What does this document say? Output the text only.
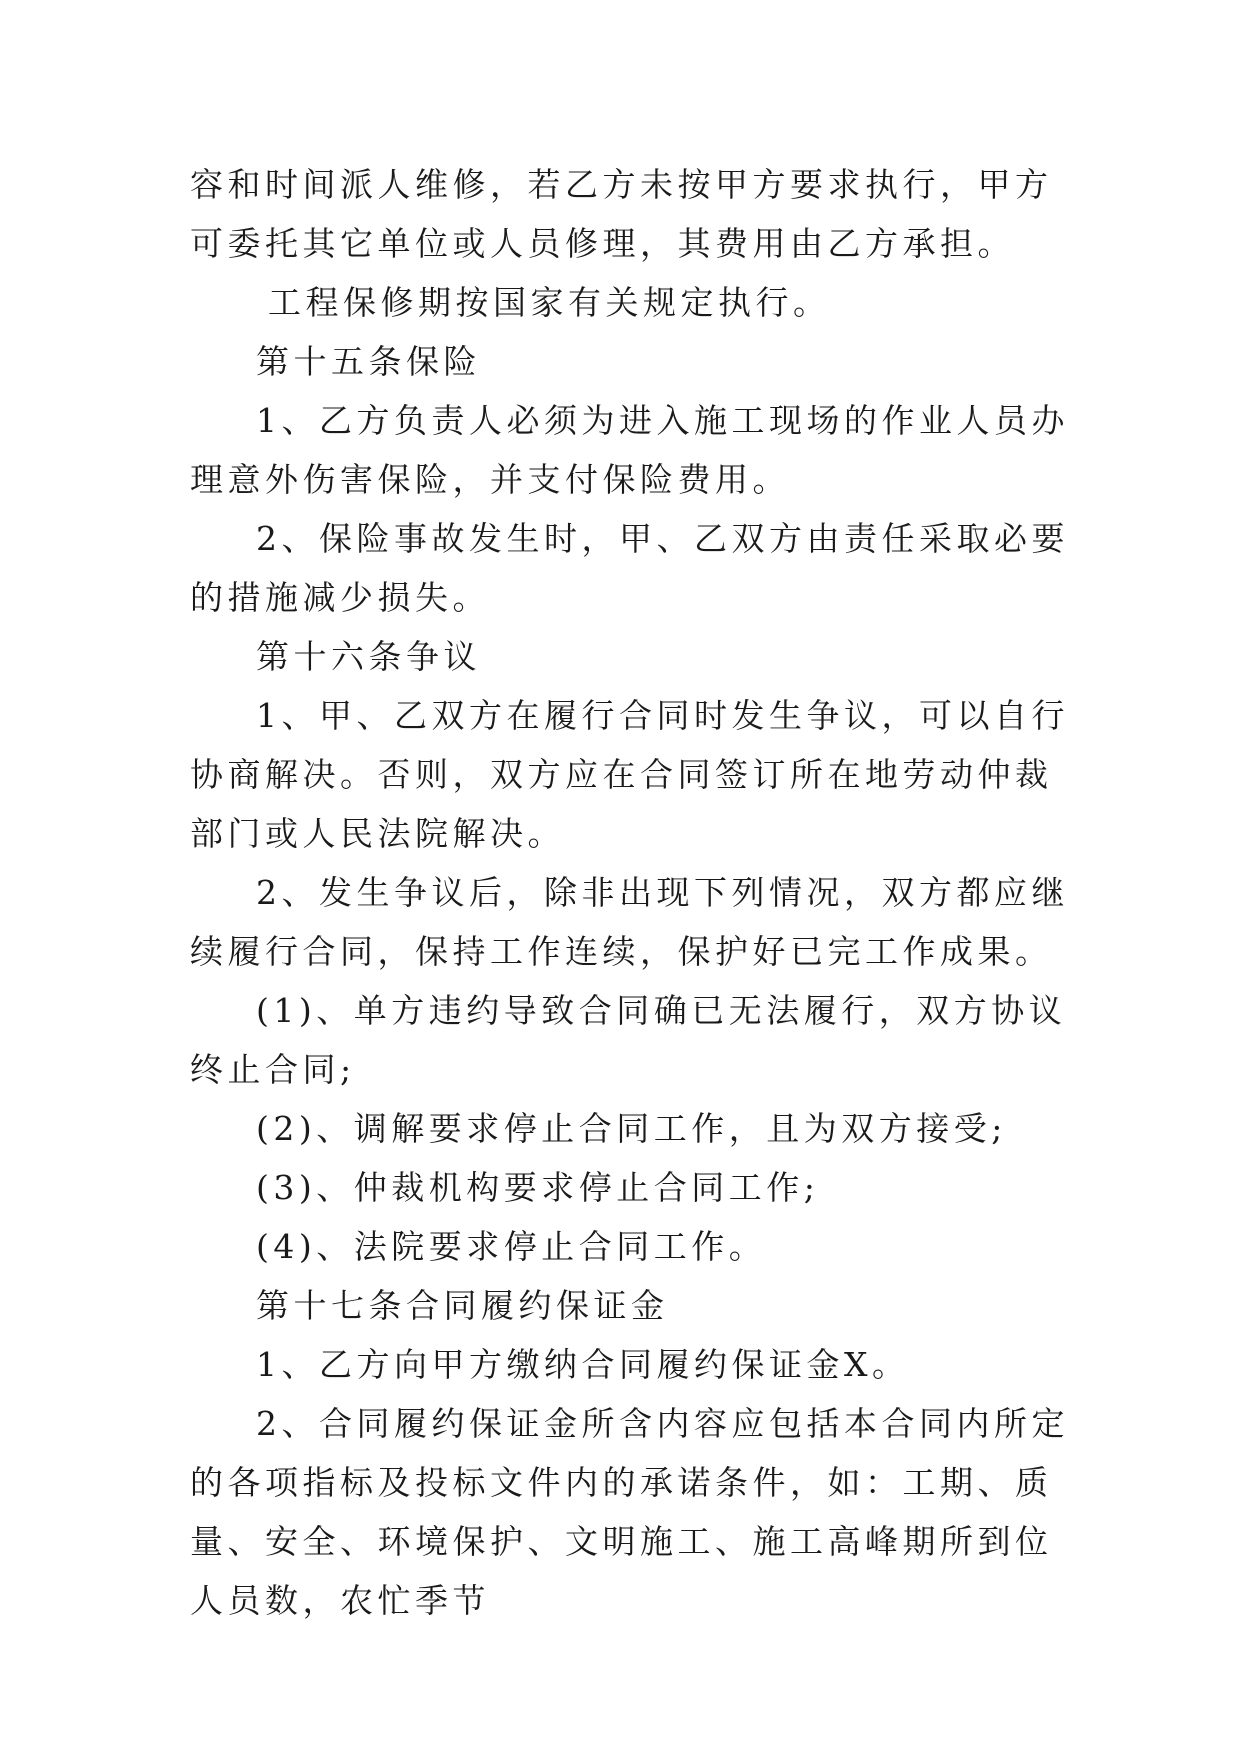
容和时间派人维修，若乙方未按甲方要求执行，甲方可委托其它单位或人员修理，其费用由乙方承担。工程保修期按国家有关规定执行。

第十五条保险

1、乙方负责人必须为进入施工现场的作业人员办理意外伤害保险，并支付保险费用。

2、保险事故发生时，甲、乙双方由责任采取必要的措施减少损失。

第十六条争议

1、甲、乙双方在履行合同时发生争议，可以自行协商解决。否则，双方应在合同签订所在地劳动仲裁部门或人民法院解决。

2、发生争议后，除非出现下列情况，双方都应继续履行合同，保持工作连续，保护好已完工作成果。

(1)、单方违约导致合同确已无法履行，双方协议终止合同;

(2)、调解要求停止合同工作，且为双方接受;

(3)、仲裁机构要求停止合同工作;

(4)、法院要求停止合同工作。

第十七条合同履约保证金

1、乙方向甲方缴纳合同履约保证金X。

2、合同履约保证金所含内容应包括本合同内所定的各项指标及投标文件内的承诺条件，如：工期、质量、安全、环境保护、文明施工、施工高峰期所到位人员数，农忙季节
